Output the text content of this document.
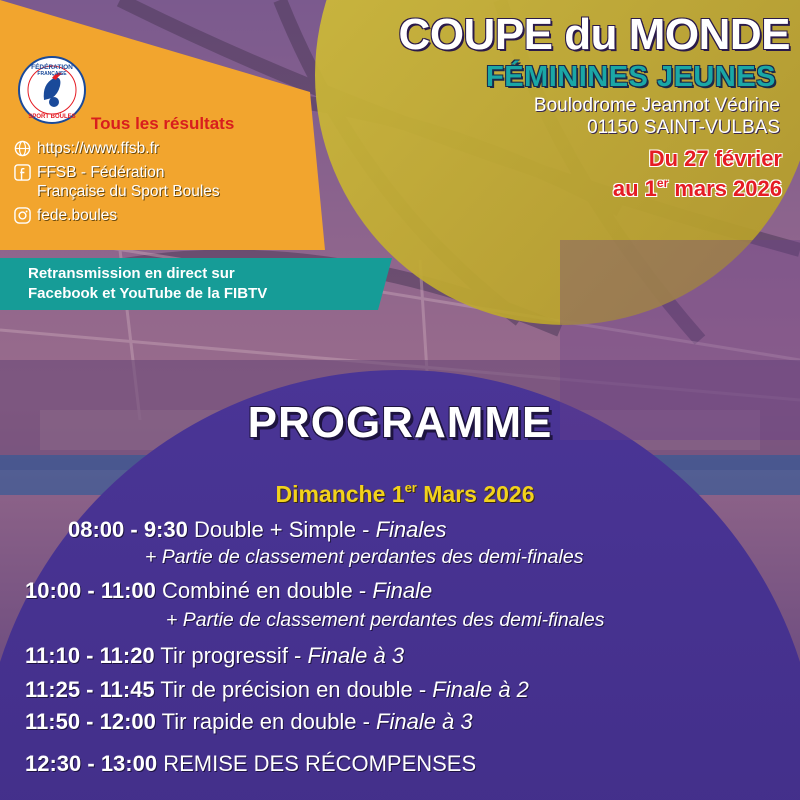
FÉDÉRATION
FRANÇAISE
SPORT BOULES
COUPE du MONDE
FÉMININES JEUNES
Boulodrome Jeannot Védrine
01150 SAINT-VULBAS
Du 27 février
au 1er mars 2026
Tous les résultats
https://www.ffsb.fr
FFSB - Fédération
Française du Sport Boules
fede.boules
Retransmission en direct sur
Facebook et YouTube de la FIBTV
PROGRAMME
Dimanche 1er Mars 2026
08:00 - 9:30 Double + Simple - Finales
+ Partie de classement perdantes des demi-finales
10:00 - 11:00 Combiné en double - Finale
+ Partie de classement perdantes des demi-finales
11:10 - 11:20 Tir progressif - Finale à 3
11:25 - 11:45 Tir de précision en double - Finale à 2
11:50 - 12:00 Tir rapide en double - Finale à 3
12:30 - 13:00 REMISE DES RÉCOMPENSES
